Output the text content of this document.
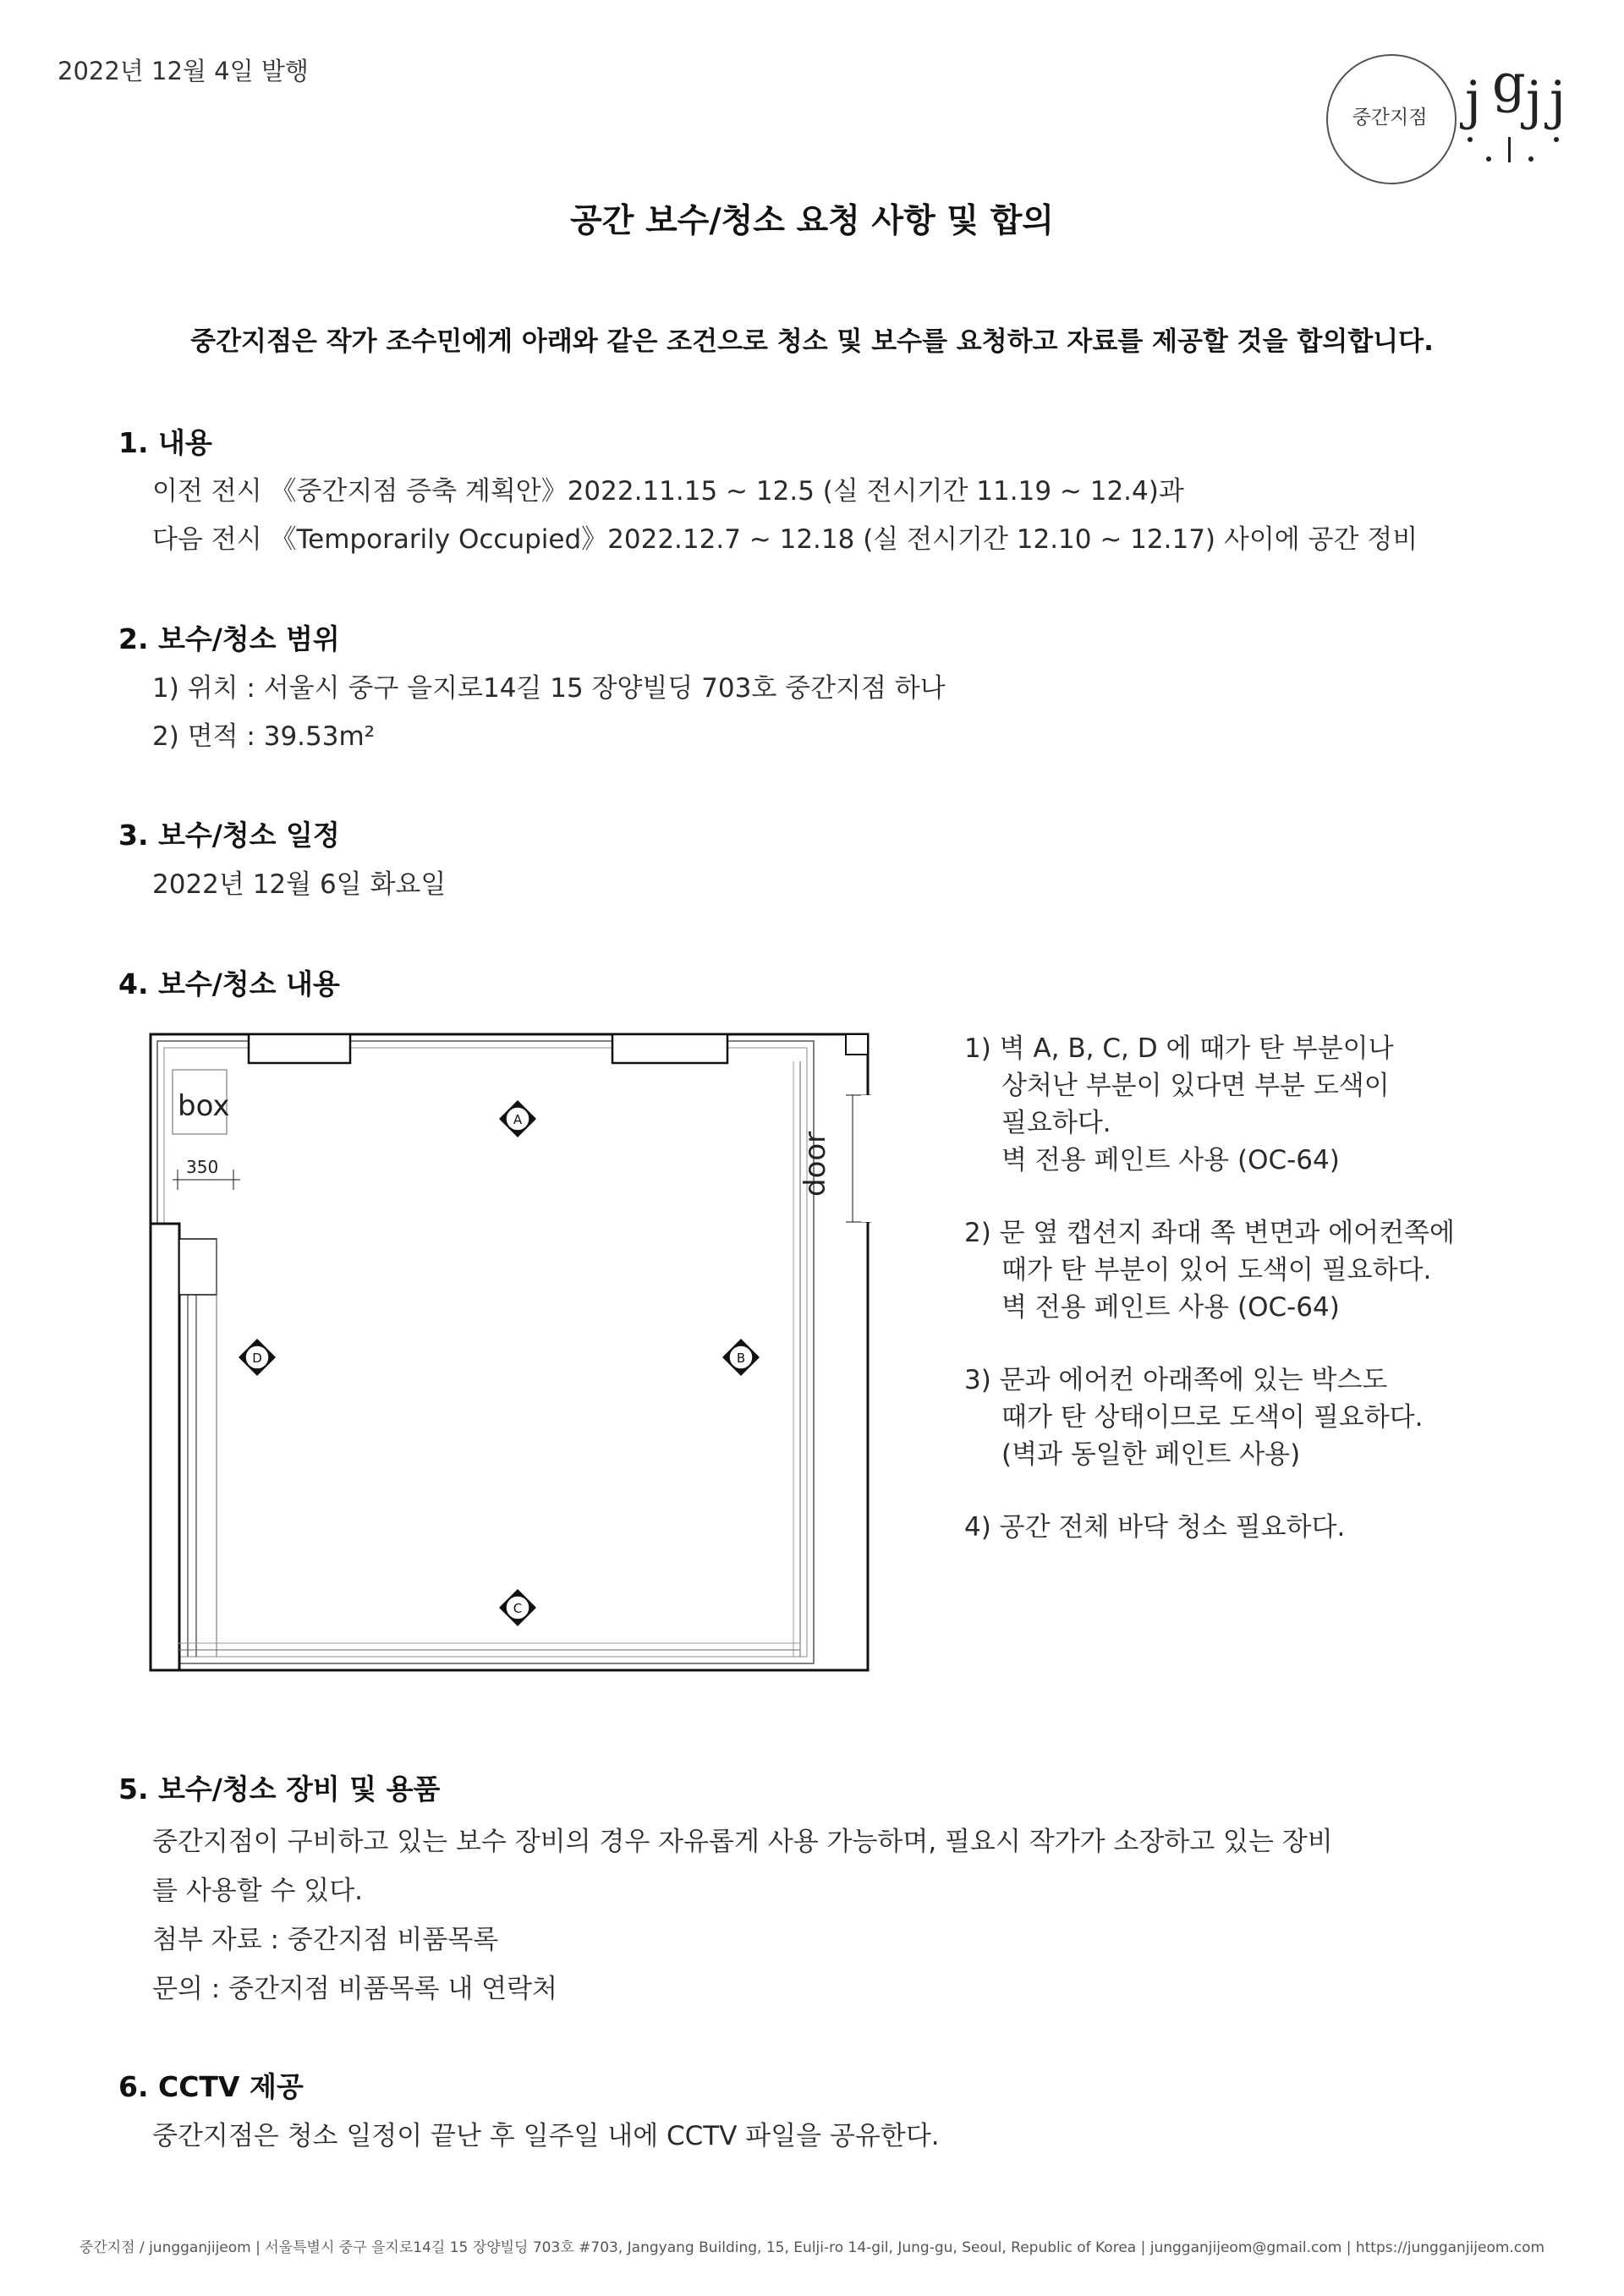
2022년 12월 4일 발행
중간지점 j g j j
공간 보수/청소 요청 사항 및 합의
중간지점은 작가 조수민에게 아래와 같은 조건으로 청소 및 보수를 요청하고 자료를 제공할 것을 합의합니다.
1. 내용
이전 전시 《중간지점 증축 계획안》2022.11.15 ~ 12.5 (실 전시기간 11.19 ~ 12.4)과
다음 전시 《Temporarily Occupied》2022.12.7 ~ 12.18 (실 전시기간 12.10 ~ 12.17) 사이에 공간 정비
2. 보수/청소 범위
1) 위치 : 서울시 중구 을지로14길 15 장양빌딩 703호 중간지점 하나
2) 면적 : 39.53m²
3. 보수/청소 일정
2022년 12월 6일 화요일
4. 보수/청소 내용
box
350	door
A
B
C
D

1) 벽 A, B, C, D 에 때가 탄 부분이나
상처난 부분이 있다면 부분 도색이
필요하다.
벽 전용 페인트 사용 (OC-64)

2) 문 옆 캡션지 좌대 쪽 변면과 에어컨쪽에
때가 탄 부분이 있어 도색이 필요하다.
벽 전용 페인트 사용 (OC-64)

3) 문과 에어컨 아래쪽에 있는 박스도
때가 탄 상태이므로 도색이 필요하다.
(벽과 동일한 페인트 사용)

4) 공간 전체 바닥 청소 필요하다.

5. 보수/청소 장비 및 용품
중간지점이 구비하고 있는 보수 장비의 경우 자유롭게 사용 가능하며, 필요시 작가가 소장하고 있는 장비
를 사용할 수 있다.
첨부 자료 : 중간지점 비품목록
문의 : 중간지점 비품목록 내 연락처
6. CCTV 제공
중간지점은 청소 일정이 끝난 후 일주일 내에 CCTV 파일을 공유한다.
중간지점 / jungganjijeom | 서울특별시 중구 을지로14길 15 장양빌딩 703호 #703, Jangyang Building, 15, Eulji-ro 14-gil, Jung-gu, Seoul, Republic of Korea | jungganjijeom@gmail.com | https://jungganjijeom.com
